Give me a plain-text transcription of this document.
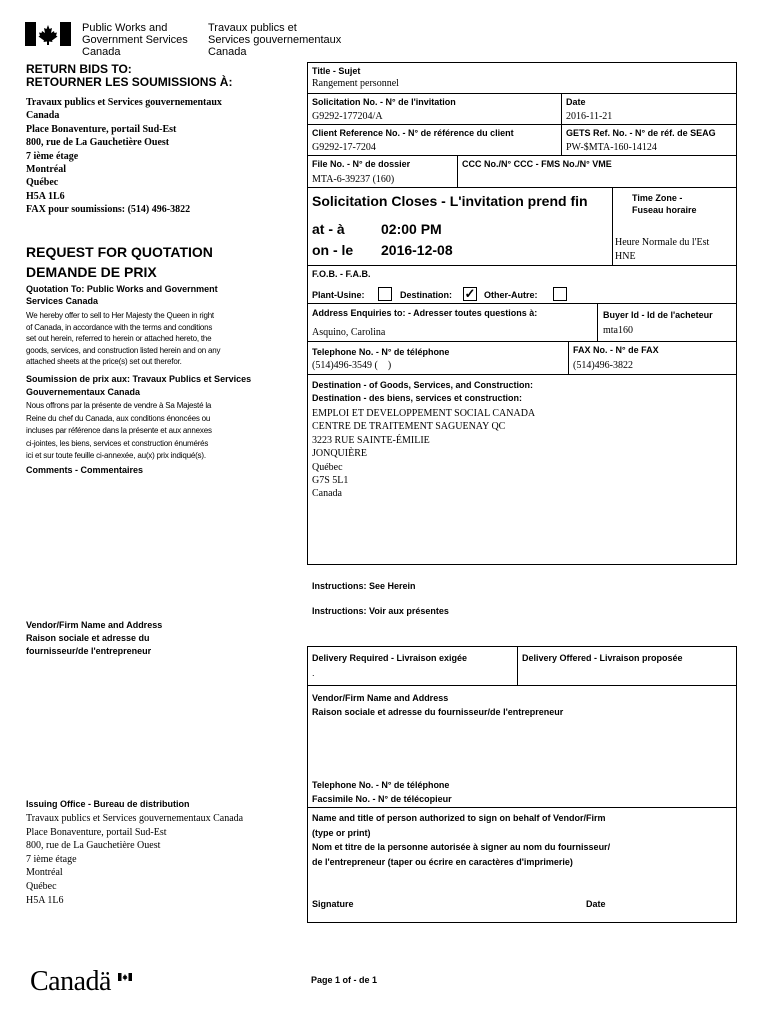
Public Works and
Government Services
Canada
Travaux publics et
Services gouvernementaux
Canada
RETURN BIDS TO:
RETOURNER LES SOUMISSIONS À:
Travaux publics et Services gouvernementaux
Canada
Place Bonaventure, portail Sud-Est
800, rue de La Gauchetière Ouest
7 ième étage
Montréal
Québec
H5A 1L6
FAX pour soumissions: (514) 496-3822
REQUEST FOR QUOTATION
DEMANDE DE PRIX
Quotation To: Public Works and Government Services Canada
We hereby offer to sell to Her Majesty the Queen in right
of Canada, in accordance with the terms and conditions
set out herein, referred to herein or attached hereto, the
goods, services, and construction listed herein and on any
attached sheets at the price(s) set out therefor.
Soumission de prix aux: Travaux Publics et Services Gouvernementaux Canada
Nous offrons par la présente de vendre à Sa Majesté la
Reine du chef du Canada, aux conditions énoncées ou
incluses par référence dans la présente et aux annexes
ci-jointes, les biens, services et construction énumérés
ici et sur toute feuille ci-annexée, au(x) prix indiqué(s).
Comments - Commentaires
Vendor/Firm Name and Address
Raison sociale et adresse du
fournisseur/de l'entrepreneur
Issuing Office - Bureau de distribution
Travaux publics et Services gouvernementaux Canada
Place Bonaventure, portail Sud-Est
800, rue de La Gauchetière Ouest
7 ième étage
Montréal
Québec
H5A 1L6
Title - Sujet
Rangement personnel
Solicitation No. - N° de l'invitation
G9292-177204/A
Date
2016-11-21
Client Reference No. - N° de référence du client
G9292-17-7204
GETS Ref. No. - N° de réf. de SEAG
PW-$MTA-160-14124
File No. - N° de dossier
MTA-6-39237 (160)
CCC No./N° CCC - FMS No./N° VME
Solicitation Closes - L'invitation prend fin
at - à	02:00 PM
on - le 2016-12-08
Time Zone -
Fuseau horaire
Heure Normale du l'Est
HNE
F.O.B. - F.A.B.
Plant-Usine:	Destination: ✓ Other-Autre:
Address Enquiries to: - Adresser toutes questions à:
Asquino, Carolina
Buyer Id - Id de l'acheteur
mta160
Telephone No. - N° de téléphone
(514)496-3549 (    )
FAX No. - N° de FAX
(514)496-3822
Destination - of Goods, Services, and Construction:
Destination - des biens, services et construction:
EMPLOI ET DEVELOPPEMENT SOCIAL CANADA
CENTRE DE TRAITEMENT SAGUENAY QC
3223 RUE SAINTE-ÉMILIE
JONQUIÈRE
Québec
G7S 5L1
Canada
Instructions: See Herein
Instructions: Voir aux présentes
Delivery Required - Livraison exigée
.
Delivery Offered - Livraison proposée
Vendor/Firm Name and Address
Raison sociale et adresse du fournisseur/de l'entrepreneur
Telephone No. - N° de téléphone
Facsimile No. - N° de télécopieur
Name and title of person authorized to sign on behalf of Vendor/Firm
(type or print)
Nom et titre de la personne autorisée à signer au nom du fournisseur/
de l'entrepreneur (taper ou écrire en caractères d'imprimerie)
Signature	Date
Canadä	Page 1 of - de 1
